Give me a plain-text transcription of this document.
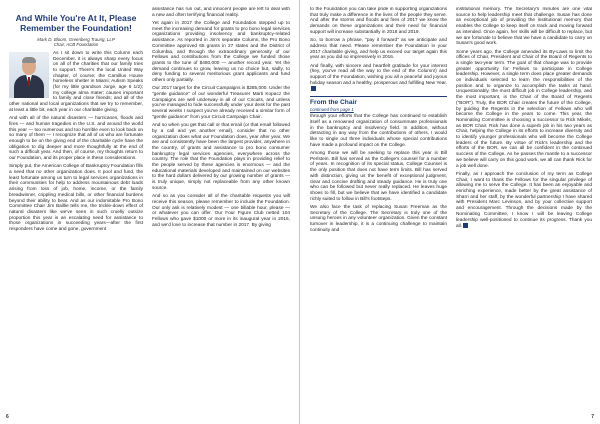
And While You're At It, Please Remember the Foundation!
Mark D. Bloom, Greenberg Traurig, LLP
Chair, ACB Foundation

As I sit down to write this Column each December, it is always sharp every focus on all of the charities that our family tries to support. There's the local United Way chapter, of course; the Camillus House homeless shelter in Miami; Autism Speaks (for my little grandson Jorge, age 6 1/2); my college alma mater; causes important to family and close friends; and all of the other national and local organizations that we try to remember, at least a little bit, each year in our charitable giving.

And with all of the natural disasters — hurricanes, floods and fires — and human tragedies in the U.S. and around the world this year — too numerous and too horrible even to look back on so many of them — I recognize that all of us who are fortunate enough to be on the giving end of the charitable cycle have the obligation to dig deeper and more thoughtfully at the end of such a difficult year. And then, of course, my thoughts return to our Foundation, and its proper place in these considerations.

Simply put, the American College of Bankruptcy Foundation fills a need that no other organization does. It pool and fund, the least fortunate among us turn to legal services organizations in their communities for help to address mountainous debt loads arising from loss of job, home, income, or the family breadwinner, crippling medical bills, or other financial burdens beyond their ability to bear. And as our indomitable Pro Bono Committee Chair Jim Baillie tells me, the trickle-down effect of natural disasters like we've seen in such cruelly outsize proportion this year is an escalating need for assistance to those organizations in succeeding years—after the first responders have come and gone, government

assistance has run out, and innocent people are left to deal with a new and often terrifying financial reality.

Yet again in 2017 the College and Foundation stepped up to meet the increasing demand for grants to pro bono legal services organizations providing insolvency and bankruptcy-related assistance. As reported in Jim's separate Column, the Pro Bono Committee approved 65 grants in 27 states and the District of Columbia, and through the extraordinary generosity of our Fellows and contributions from the College we funded those grants to the tune of $480,000 — another record year. Yet the demand continues to grow, leaving us no choice but, sadly, to deny funding to several meritorious grant applicants and fund others only partially.

Our 2017 target for the Circuit Campaigns is $285,000. Under the "gentle guidance" of our wonderful Treasurer Marti Kopacz the Campaigns are well underway in all of our Circuits, and unless you've managed to hide successfully under your desk for the past several weeks I suspect you've already received a similar form of "gentle guidance" from your Circuit Campaign Chair.

And so when you get that call or that email (or that email followed by a call and yet another email), consider that no other organization does what our Foundation does, year after year. We are and consistently have been the largest provider, anywhere in the country, of grants and assistance to pro bono consumer bankruptcy legal services agencies, everywhere across the country. The role that the Foundation plays in providing relief to the people served by these agencies is enormous — and the educational materials developed and maintained on our websites to the hard dollars delivered by our growing number of grants — is truly unique, simply not replaceable from any other known source.

And so as you consider all of the charitable requests you will receive this season, please remember to include the Foundation. Our only ask is relatively modest — one billable hour, please — or whatever you can offer. Our Four Figure Club netted 104 Fellows who gave $1000 or more in its inaugural year in 2016, and we'd love to increase that number in 2017. By giving

6

to the Foundation you can take pride in supporting organizations that truly make a difference in the lives of the people they serve. And after the storms and floods and fires of 2017 we know the demands on these organizations and their need for financial support will increase substantially in 2018 and 2019.

So, to borrow a phrase, "pay it forward" as we anticipate and address that need. Please remember the Foundation in your 2017 charitable giving, and help us exceed our target again this year as you did so impressively in 2016.

And finally, with sincere and heartfelt gratitude for your interest (hey, you've read all the way to the end of the Column!) and support of the Foundation, wishing you all a peaceful and joyous holiday season and a healthy, prosperous and fulfilling New Year.

From the Chair
continued from page 1

through your efforts that the College has continued to establish itself as a renowned organization of consummate professionals in the bankruptcy and insolvency field. In addition, without detracting in any way from the contributions of others, I would like to single out three individuals whose special contributions have made a profound impact on the College.

Among those we will be seeking to replace this year is Bill Perlstein. Bill has served as the College's counsel for a number of years. In recognition of its special status, College Counsel is the only position that does not have term limits. Bill has served with distinction, giving us the benefit of exceptional judgment, clear and concise drafting and steady guidance. He is truly one who can be followed but never really replaced. He leaves huge shoes to fill, but we believe that we have identified a candidate richly suited to follow in Bill's footsteps.

We also face the task of replacing Susan Freeman as the Secretary of the College. The Secretary is truly one of the unsung heroes in any volunteer organization. Given the constant turnover in leadership, it is a continuing challenge to maintain continuity and

institutional memory. The Secretary's minutes are one vital source to help leadership meet that challenge. Susan has done an exceptional job of providing the institutional memory that enables the College to keep itself on track and moving forward as intended. Once again, her skills will be difficult to replace, but we are fortunate to believe that we have a candidate to carry on Susan's good work.

Some years ago, the College amended its By-Laws to limit the offices of Chair, President and Chair of the Board of Regents to a single two-year term. The goal of that change was to provide greater opportunity for Fellows to participate in College leadership. However, a single term does place greater demands on individuals selected to learn the responsibilities of the position and to organize to accomplish the tasks at hand. Unquestionably, the most difficult job in College leadership, and the most important, is the Chair of the Board of Regents ("BOR"). Truly, the BOR Chair creates the future of the College, by guiding the Regents in the selection of Fellows who will become the College in the years to come. This year, the Nominating Committee is choosing a successor to Rick Mikels, as BOR Chair. Rick has done a superb job in his two years as Chair, helping the College in its efforts to increase diversity and to identify younger professionals who will become the College leaders of the future. By virtue of Rick's leadership and the efforts of the BOR, we can all be confident in the continued success of the College. As he passes the mantle to a successor we believe will carry on this good work, we all can thank Rick for a job well done.

Finally, as I approach the conclusion of my term as College Chair, I want to thank the Fellows for the singular privilege of allowing me to serve the College. It has been an enjoyable and enriching experience, made better by the great assistance of Sharri and her staff, by the wonderful partnership I have shared with President Marc Levinson, and by your collective support and encouragement. Through the decisions made by the Nominating Committee, I know I will be leaving College leadership well-positioned to continue its progress. Thank you all.

7
